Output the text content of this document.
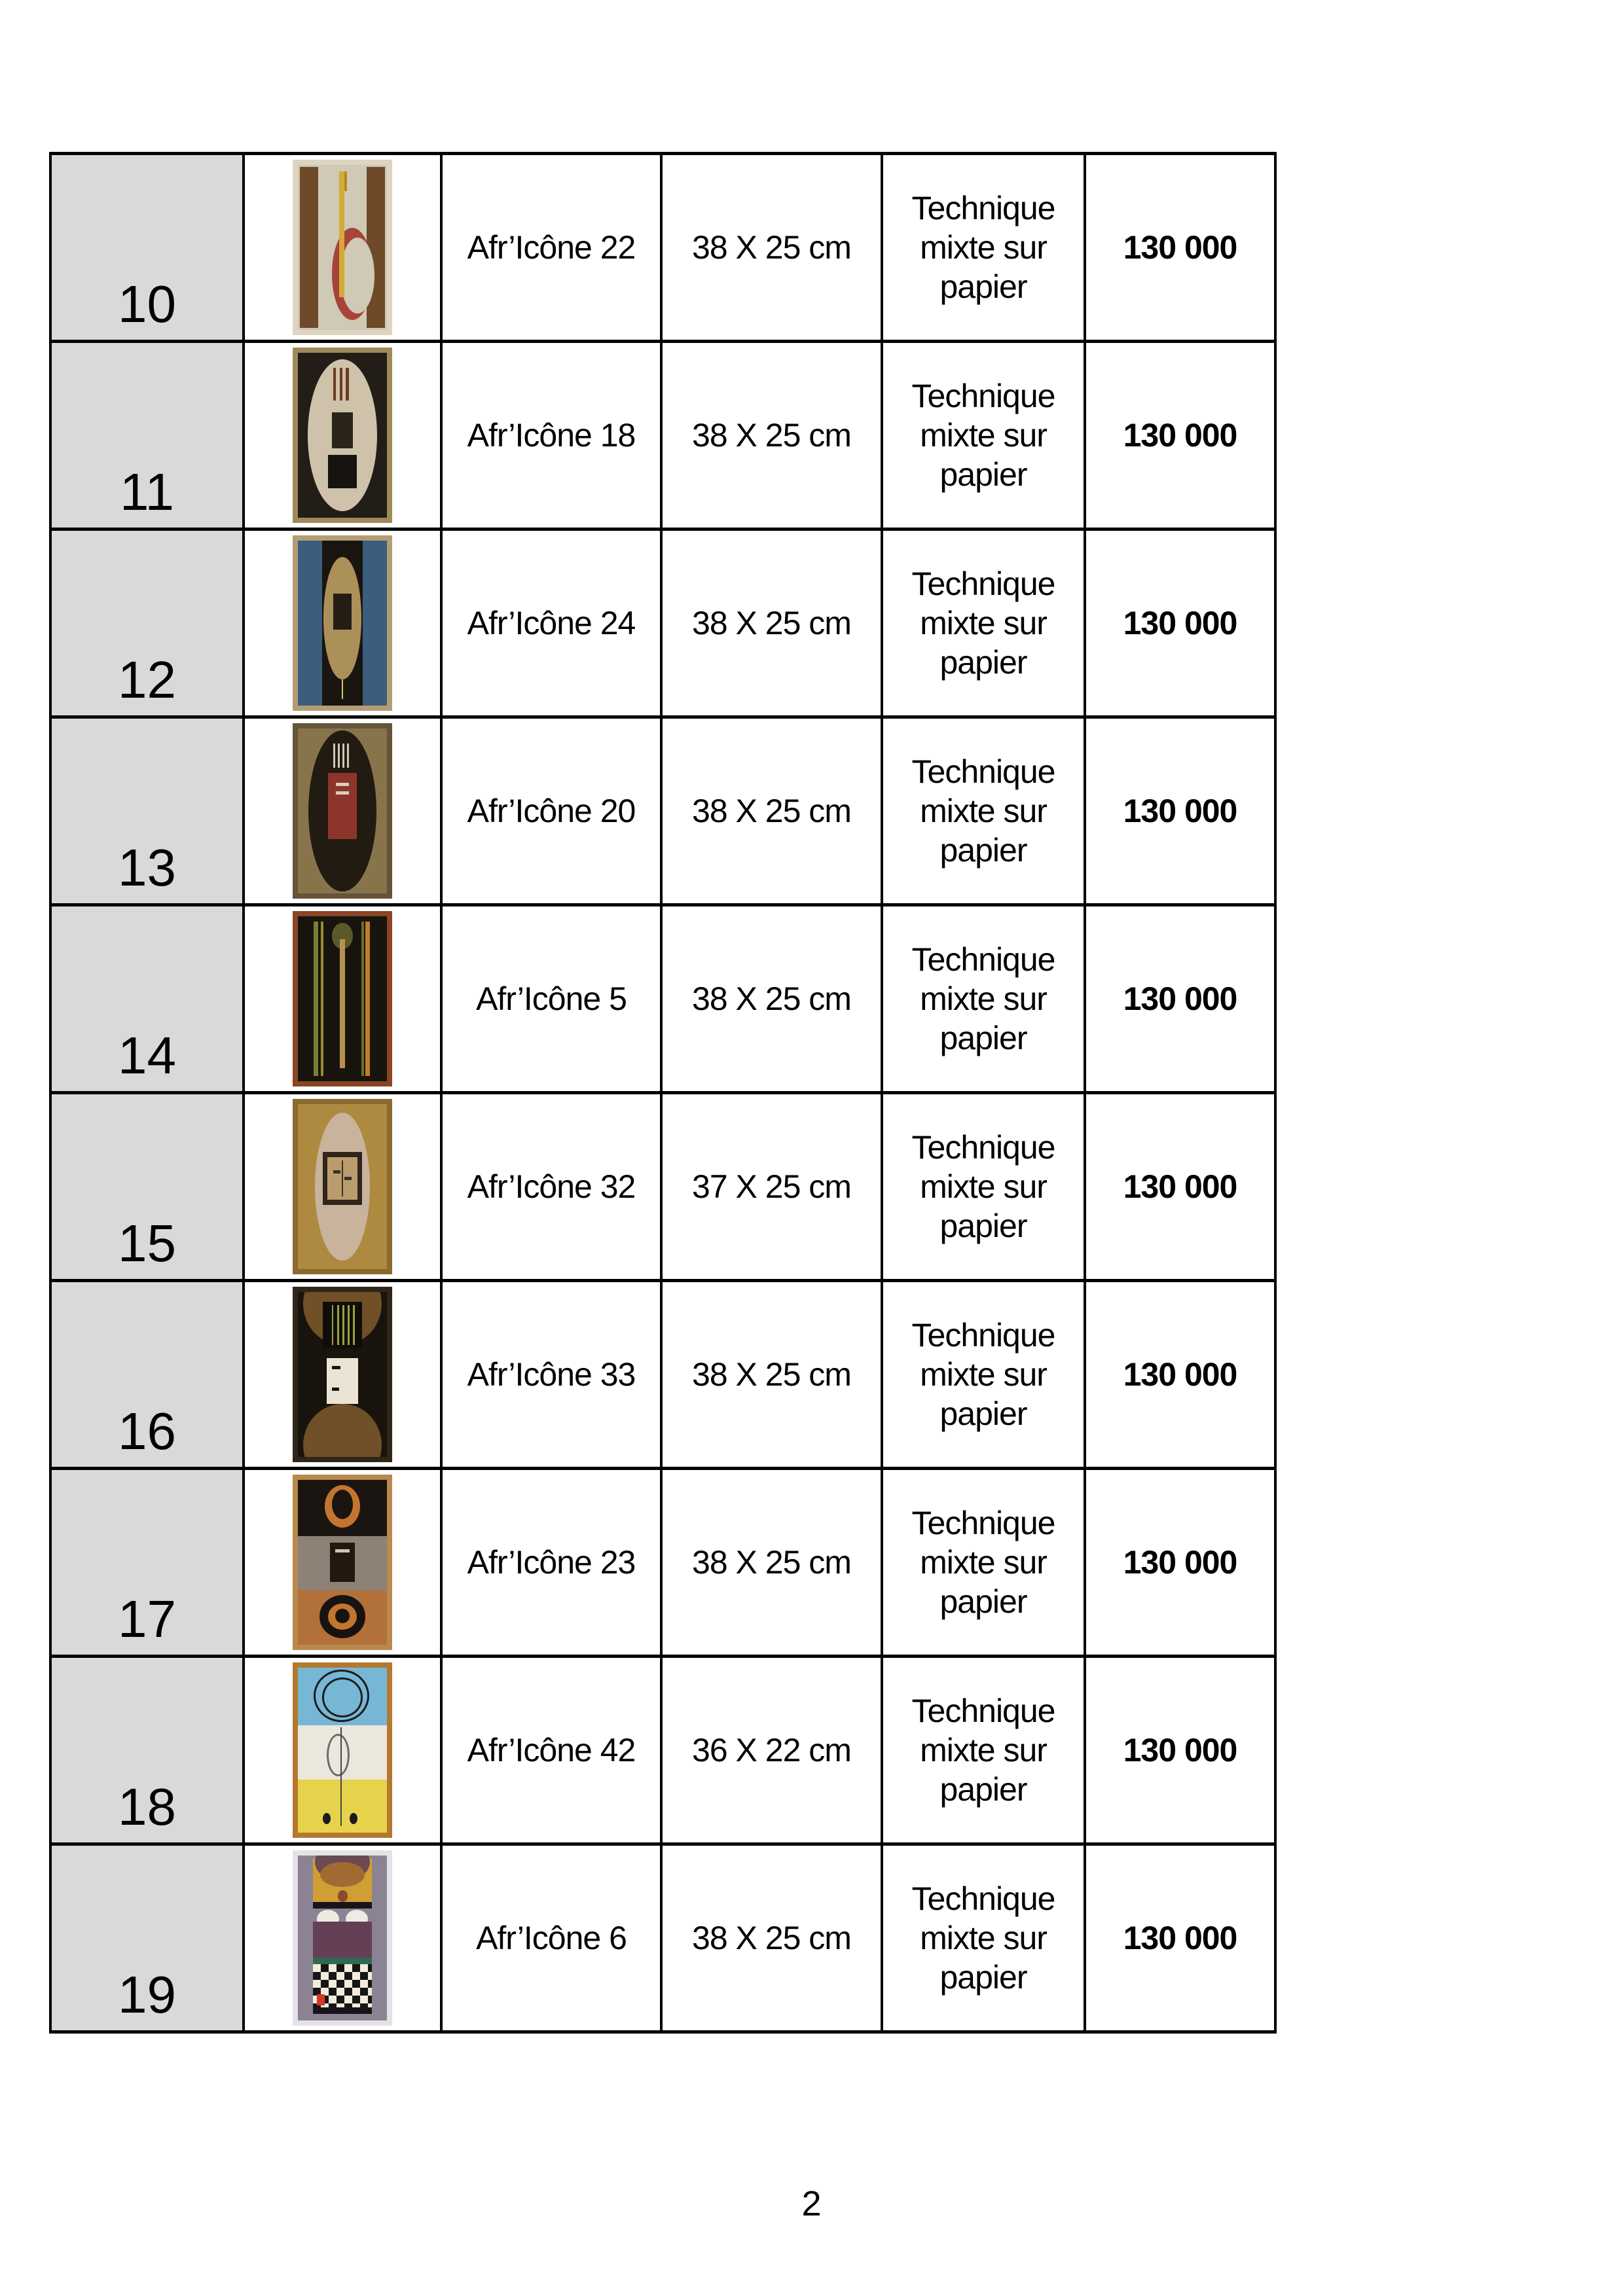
10		Afr’Icône 22	38 X 25 cm	Technique mixte sur papier	130 000
11		Afr’Icône 18	38 X 25 cm	Technique mixte sur papier	130 000
12		Afr’Icône 24	38 X 25 cm	Technique mixte sur papier	130 000
13		Afr’Icône 20	38 X 25 cm	Technique mixte sur papier	130 000
14		Afr’Icône 5	38 X 25 cm	Technique mixte sur papier	130 000
15		Afr’Icône 32	37 X 25 cm	Technique mixte sur papier	130 000
16		Afr’Icône 33	38 X 25 cm	Technique mixte sur papier	130 000
17		Afr’Icône 23	38 X 25 cm	Technique mixte sur papier	130 000
18		Afr’Icône 42	36 X 22 cm	Technique mixte sur papier	130 000
19		Afr’Icône 6	38 X 25 cm	Technique mixte sur papier	130 000
2
